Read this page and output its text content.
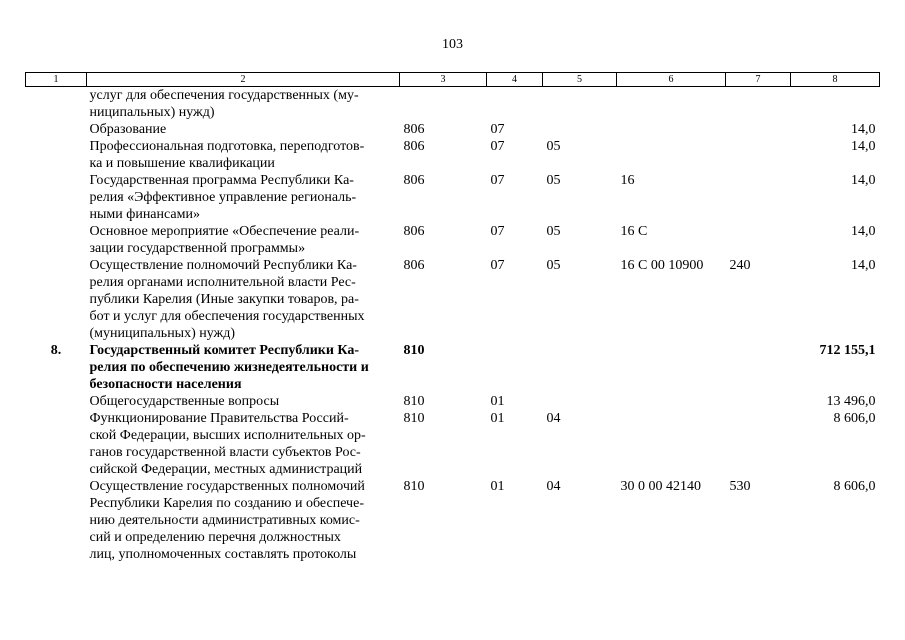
103
1	2	3	4	5	6	7	8

	услуг для обеспечения государственных (му-
ниципальных) нужд)						

	Образование	806	07				14,0

	Профессиональная подготовка, переподготов-
ка и повышение квалификации	806	07	05			14,0

	Государственная программа Республики Ка-
релия «Эффективное управление региональ-
ными финансами»	806	07	05	16		14,0

	Основное мероприятие «Обеспечение реали-
зации государственной программы»	806	07	05	16 С		14,0

	Осуществление полномочий Республики Ка-
релия органами исполнительной власти Рес-
публики Карелия (Иные закупки товаров, ра-
бот и услуг для обеспечения государственных
(муниципальных) нужд)	806	07	05	16 С 00 10900	240	14,0
8.	Государственный комитет Республики Ка-
релия по обеспечению жизнедеятельности и
безопасности населения	810					712 155,1

	Общегосударственные вопросы	810	01				13 496,0

	Функционирование Правительства Россий-
ской Федерации, высших исполнительных ор-
ганов государственной власти субъектов Рос-
сийской Федерации, местных администраций	810	01	04			8 606,0

	Осуществление государственных полномочий
Республики Карелия по созданию и обеспече-
нию деятельности административных комис-
сий и определению перечня должностных
лиц, уполномоченных составлять протоколы	810	01	04	30 0 00 42140	530	8 606,0
